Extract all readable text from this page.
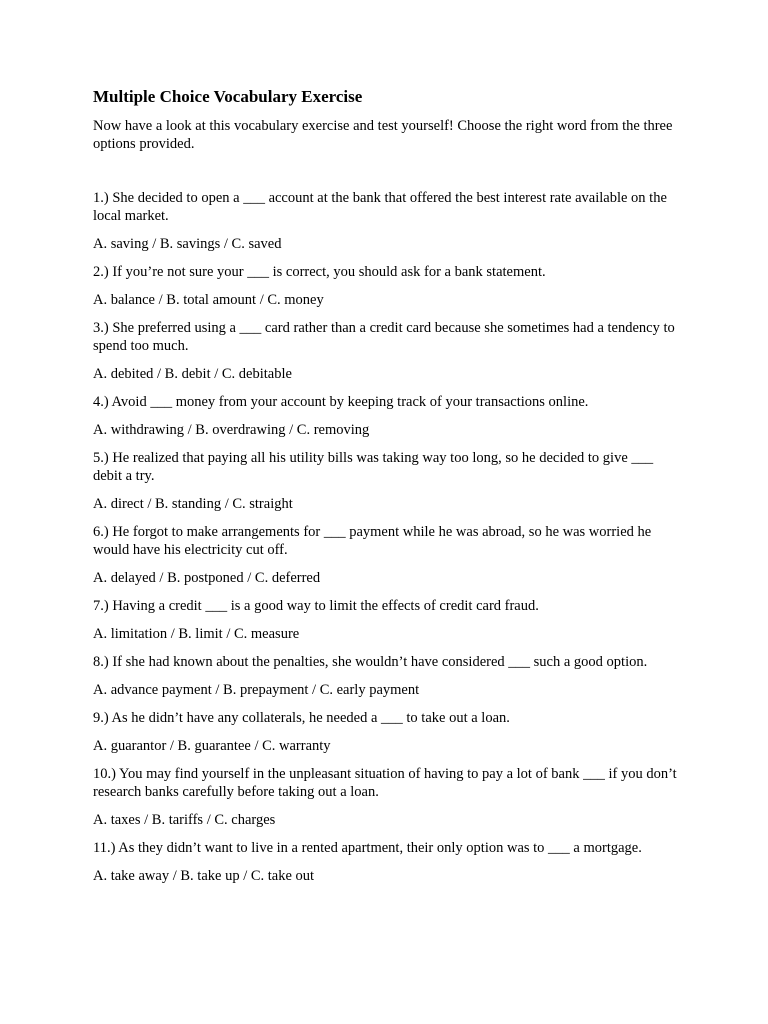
Multiple Choice Vocabulary Exercise
Now have a look at this vocabulary exercise and test yourself! Choose the right word from the three options provided.
1.) She decided to open a ___ account at the bank that offered the best interest rate available on the local market.
A. saving / B. savings / C. saved
2.) If you’re not sure your ___ is correct, you should ask for a bank statement.
A. balance / B. total amount / C. money
3.) She preferred using a ___ card rather than a credit card because she sometimes had a tendency to spend too much.
A. debited / B. debit / C. debitable
4.) Avoid ___ money from your account by keeping track of your transactions online.
A. withdrawing / B. overdrawing / C. removing
5.) He realized that paying all his utility bills was taking way too long, so he decided to give ___ debit a try.
A. direct / B. standing / C. straight
6.) He forgot to make arrangements for ___ payment while he was abroad, so he was worried he would have his electricity cut off.
A. delayed / B. postponed / C. deferred
7.) Having a credit ___ is a good way to limit the effects of credit card fraud.
A. limitation / B. limit / C. measure
8.) If she had known about the penalties, she wouldn’t have considered ___ such a good option.
A. advance payment / B. prepayment / C. early payment
9.) As he didn’t have any collaterals, he needed a ___ to take out a loan.
A. guarantor / B. guarantee / C. warranty
10.) You may find yourself in the unpleasant situation of having to pay a lot of bank ___ if you don’t research banks carefully before taking out a loan.
A. taxes / B. tariffs / C. charges
11.) As they didn’t want to live in a rented apartment, their only option was to ___ a mortgage.
A. take away / B. take up / C. take out
